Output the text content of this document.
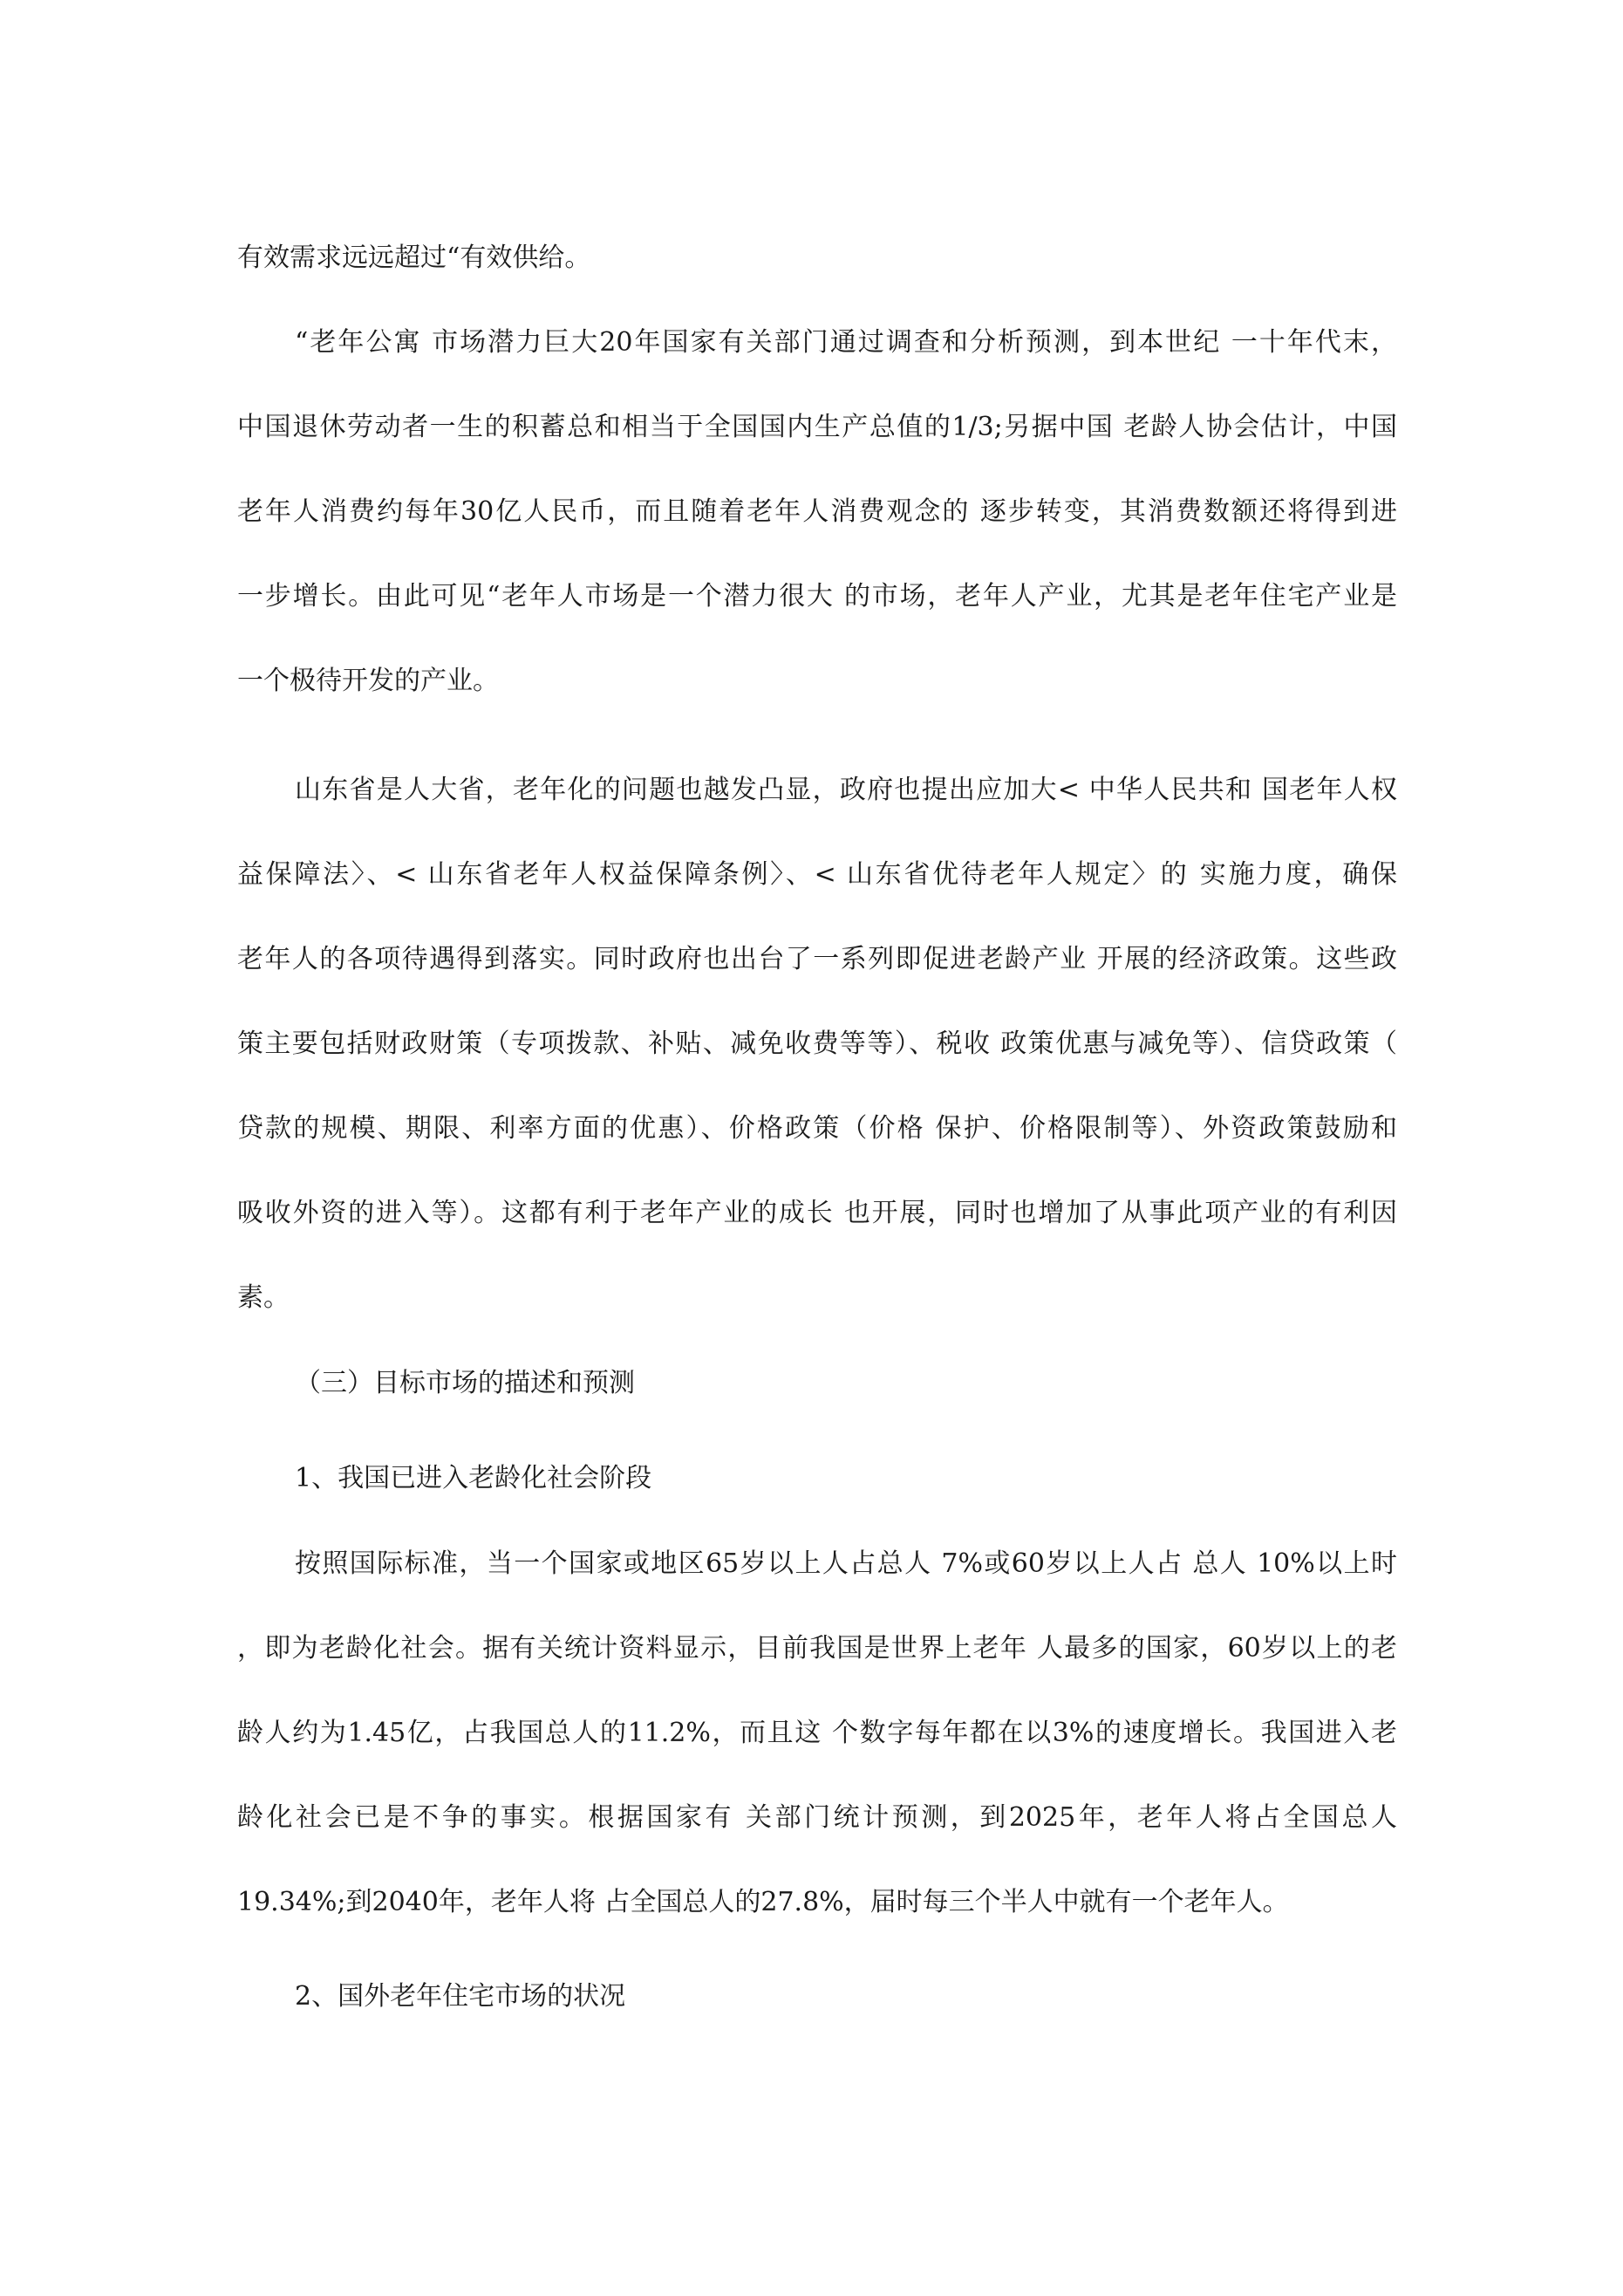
有效需求远远超过“有效供给。
“老年公寓 市场潜力巨大20年国家有关部门通过调查和分析预测，到本世纪 一十年代末，
中国退休劳动者一生的积蓄总和相当于全国国内生产总值的1/3;另据中国 老龄人协会估计，中国
老年人消费约每年30亿人民币，而且随着老年人消费观念的 逐步转变，其消费数额还将得到进
一步增长。由此可见“老年人市场是一个潜力很大 的市场，老年人产业，尤其是老年住宅产业是
一个极待开发的产业。
山东省是人大省，老年化的问题也越发凸显，政府也提出应加大< 中华人民共和 国老年人权
益保障法〉、< 山东省老年人权益保障条例〉、< 山东省优待老年人规定〉的 实施力度，确保
老年人的各项待遇得到落实。同时政府也出台了一系列即促进老龄产业 开展的经济政策。这些政
策主要包括财政财策（专项拨款、补贴、减免收费等等）、税收 政策优惠与减免等）、信贷政策（
贷款的规模、期限、利率方面的优惠）、价格政策（价格 保护、价格限制等）、外资政策鼓励和
吸收外资的进入等）。这都有利于老年产业的成长 也开展，同时也增加了从事此项产业的有利因
素。
（三）目标市场的描述和预测
1、我国已进入老龄化社会阶段
按照国际标准，当一个国家或地区65岁以上人占总人 7%或60岁以上人占 总人 10%以上时
，即为老龄化社会。据有关统计资料显示，目前我国是世界上老年 人最多的国家，60岁以上的老
龄人约为1.45亿，占我国总人的11.2%，而且这 个数字每年都在以3%的速度增长。我国进入老
龄化社会已是不争的事实。根据国家有 关部门统计预测，到2025年，老年人将占全国总人
19.34%;到2040年，老年人将 占全国总人的27.8%，届时每三个半人中就有一个老年人。
2、国外老年住宅市场的状况
